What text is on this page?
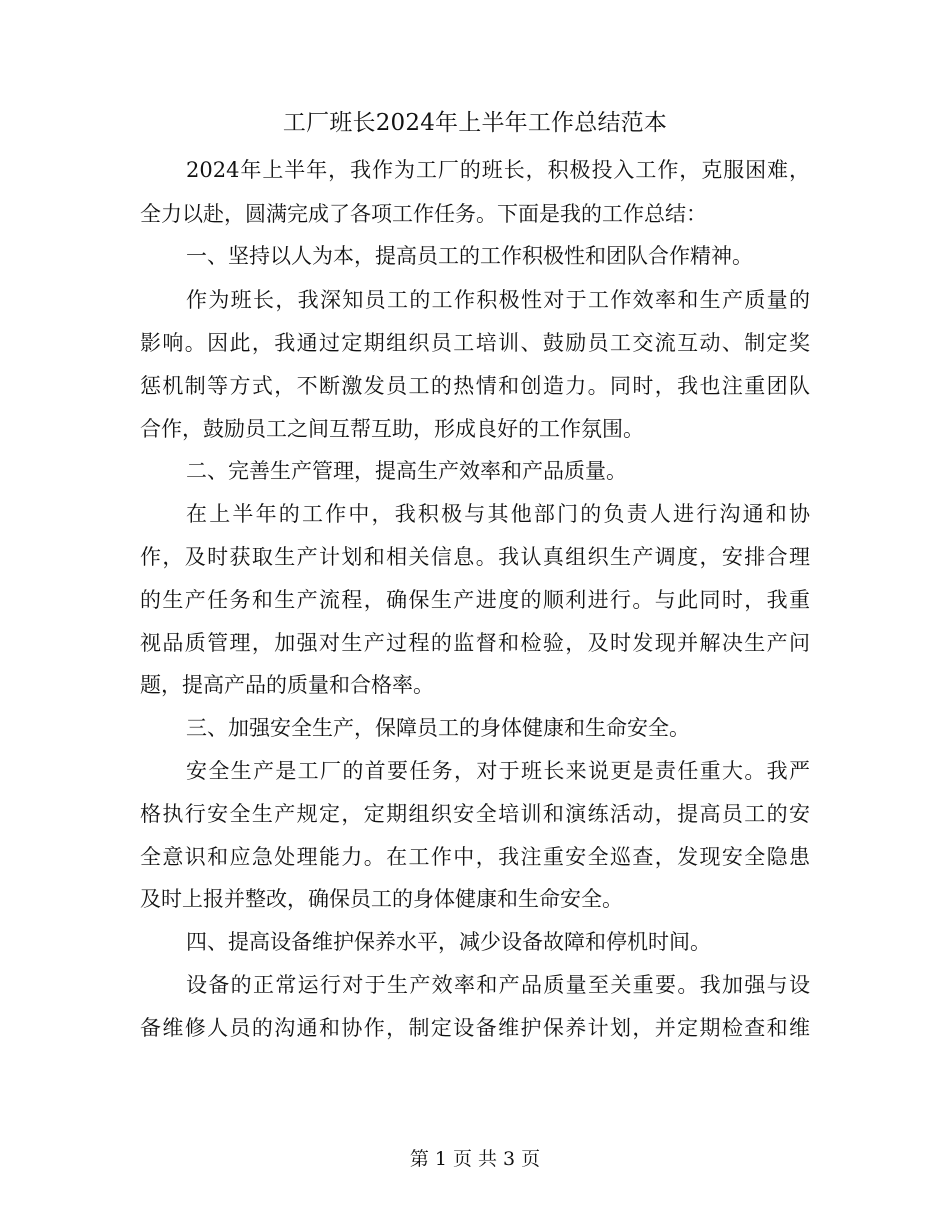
工厂班长2024年上半年工作总结范本
2024年上半年，我作为工厂的班长，积极投入工作，克服困难，
全力以赴，圆满完成了各项工作任务。下面是我的工作总结：
一、坚持以人为本，提高员工的工作积极性和团队合作精神。
作为班长，我深知员工的工作积极性对于工作效率和生产质量的
影响。因此，我通过定期组织员工培训、鼓励员工交流互动、制定奖
惩机制等方式，不断激发员工的热情和创造力。同时，我也注重团队
合作，鼓励员工之间互帮互助，形成良好的工作氛围。
二、完善生产管理，提高生产效率和产品质量。
在上半年的工作中，我积极与其他部门的负责人进行沟通和协
作，及时获取生产计划和相关信息。我认真组织生产调度，安排合理
的生产任务和生产流程，确保生产进度的顺利进行。与此同时，我重
视品质管理，加强对生产过程的监督和检验，及时发现并解决生产问
题，提高产品的质量和合格率。
三、加强安全生产，保障员工的身体健康和生命安全。
安全生产是工厂的首要任务，对于班长来说更是责任重大。我严
格执行安全生产规定，定期组织安全培训和演练活动，提高员工的安
全意识和应急处理能力。在工作中，我注重安全巡查，发现安全隐患
及时上报并整改，确保员工的身体健康和生命安全。
四、提高设备维护保养水平，减少设备故障和停机时间。
设备的正常运行对于生产效率和产品质量至关重要。我加强与设
备维修人员的沟通和协作，制定设备维护保养计划，并定期检查和维
第 1 页 共 3 页
